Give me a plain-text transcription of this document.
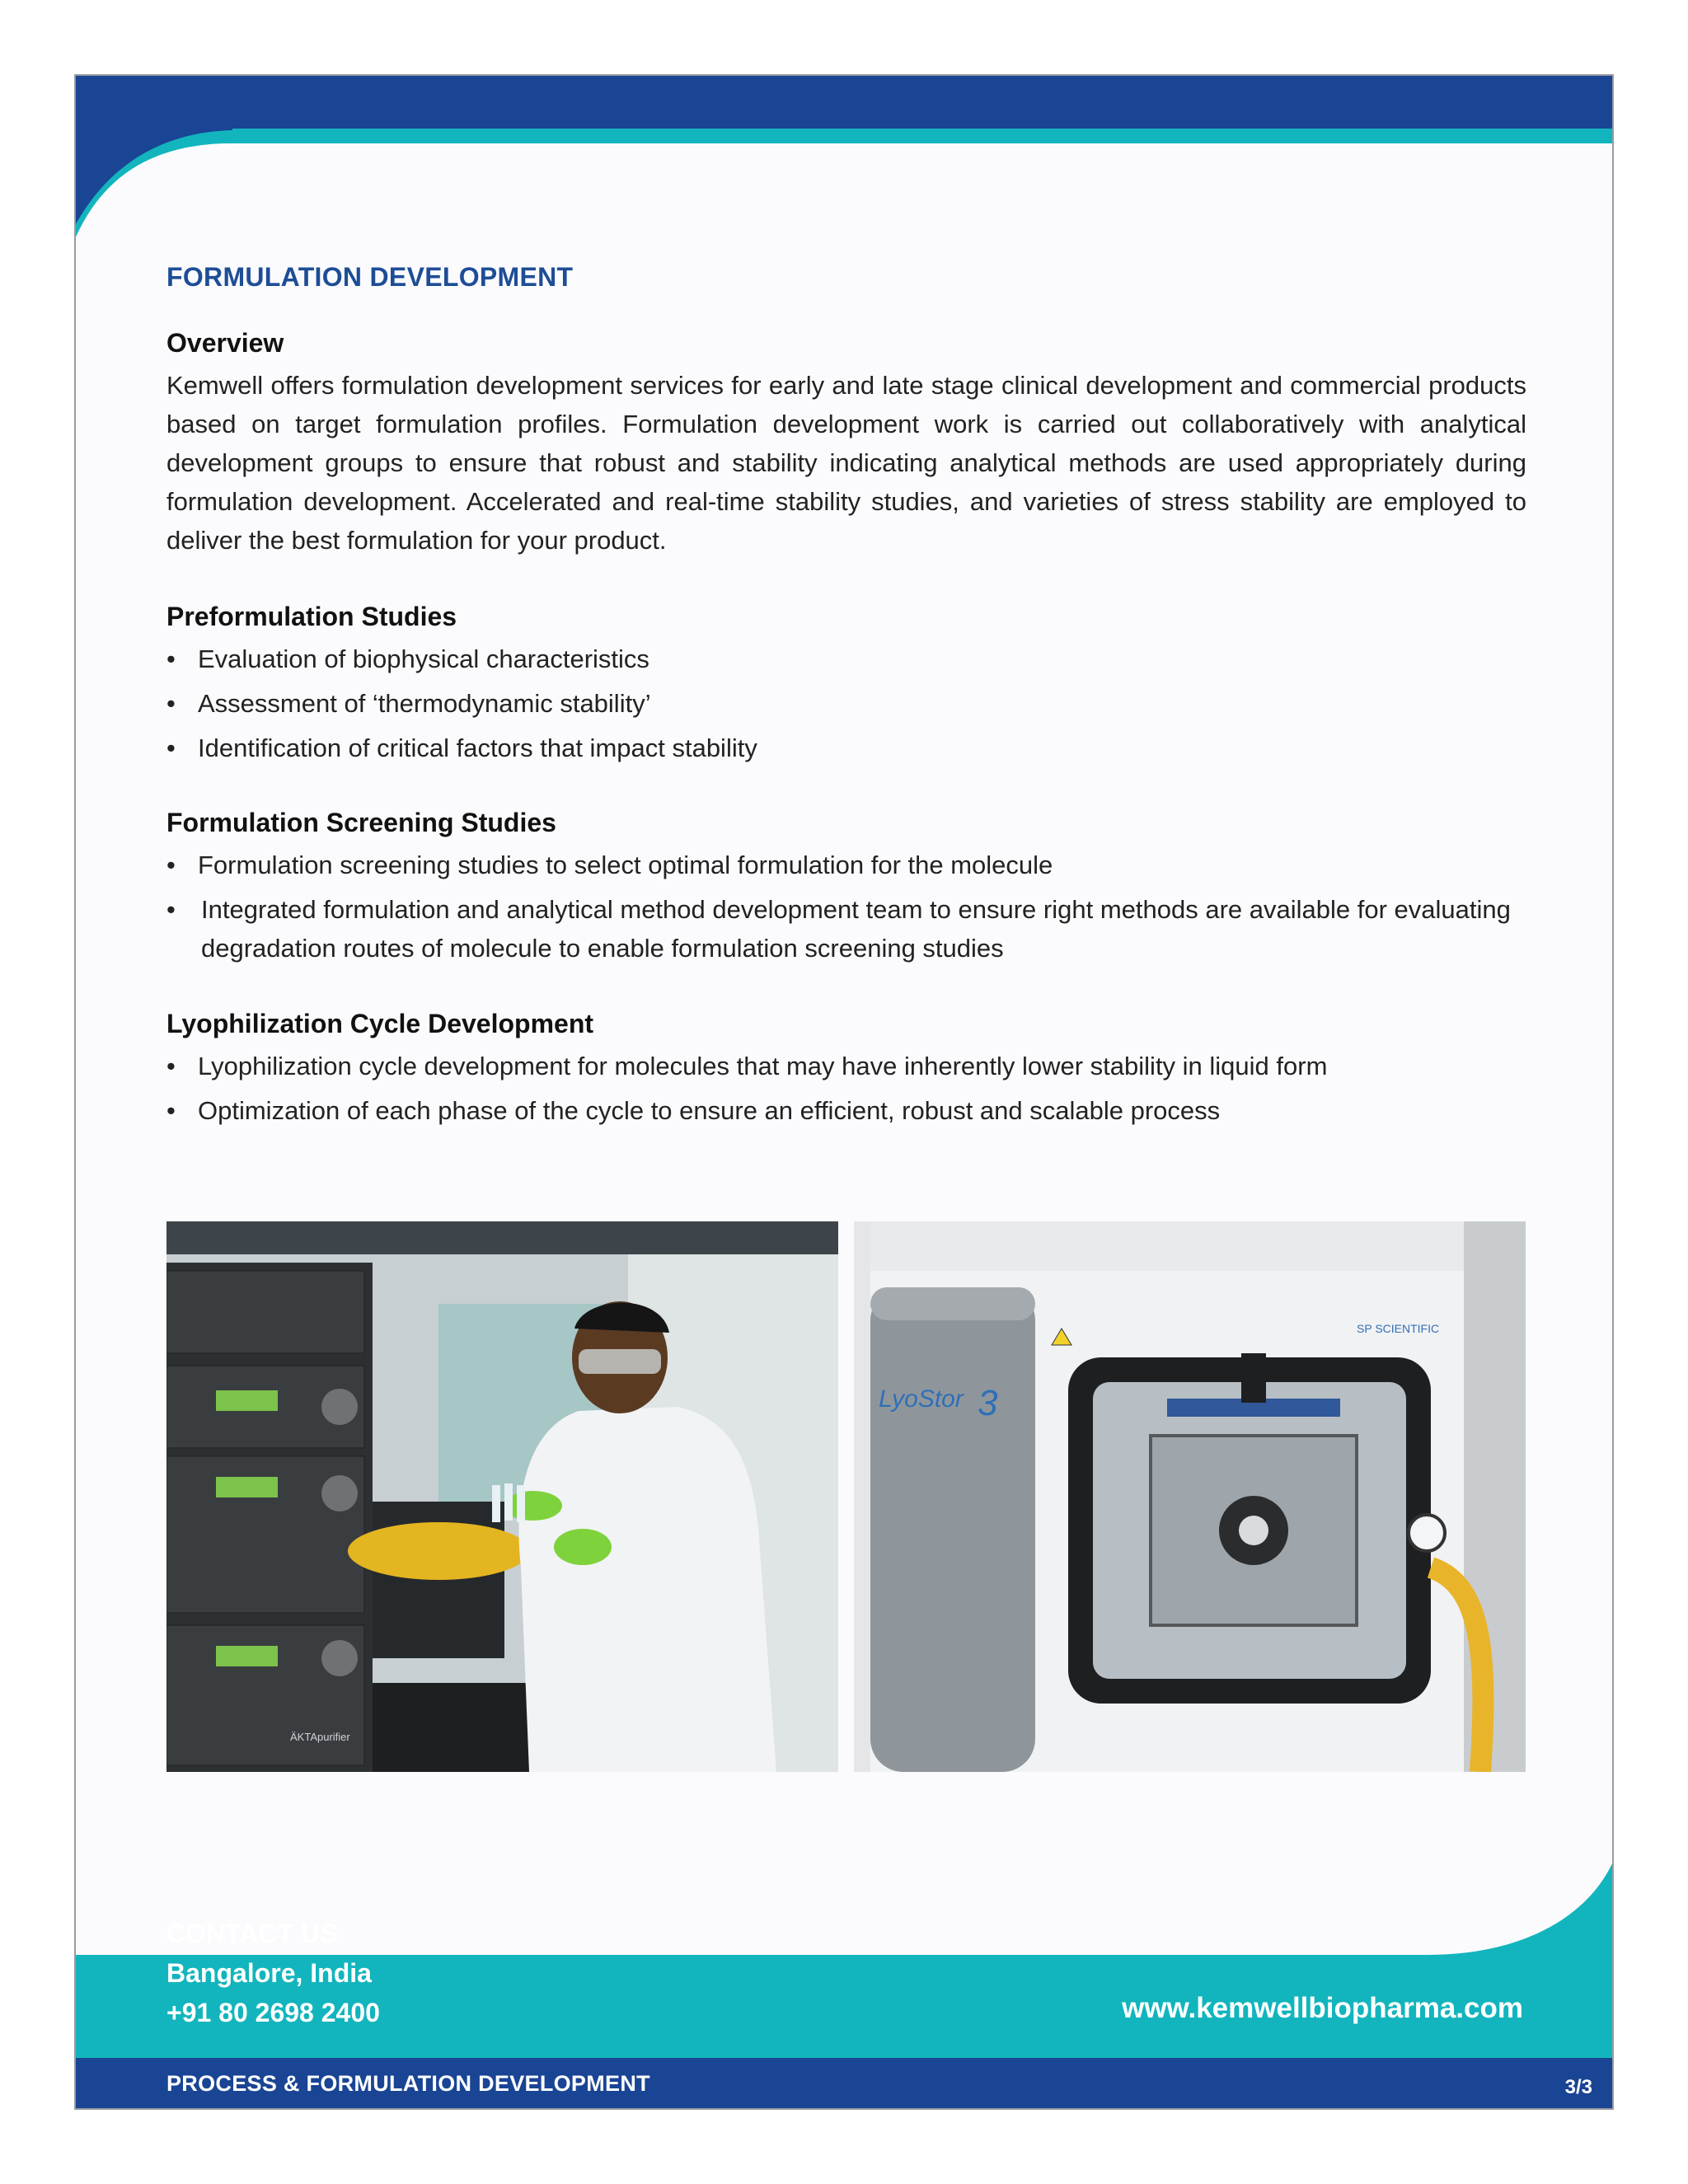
FORMULATION DEVELOPMENT
Overview

Kemwell offers formulation development services for early and late stage clinical development and commercial products based on target formulation profiles. Formulation development work is carried out collaboratively with analytical development groups to ensure that robust and stability indicating analytical methods are used appropriately during formulation development. Accelerated and real-time stability studies, and varieties of stress stability are employed to deliver the best formulation for your product.

Preformulation Studies
• Evaluation of biophysical characteristics
• Assessment of ‘thermodynamic stability’
• Identification of critical factors that impact stability
Formulation Screening Studies
• Formulation screening studies to select optimal formulation for the molecule
• Integrated formulation and analytical method development team to ensure right methods are available for evaluating degradation routes of molecule to enable formulation screening studies
Lyophilization Cycle Development
• Lyophilization cycle development for molecules that may have inherently lower stability in liquid form
• Optimization of each phase of the cycle to ensure an efficient, robust and scalable process
ÄKTApurifier
LyoStor 3
SP SCIENTIFIC
CONTACT US
Bangalore, India
+91 80 2698 2400	www.kemwellbiopharma.com
PROCESS & FORMULATION DEVELOPMENT	3/3
